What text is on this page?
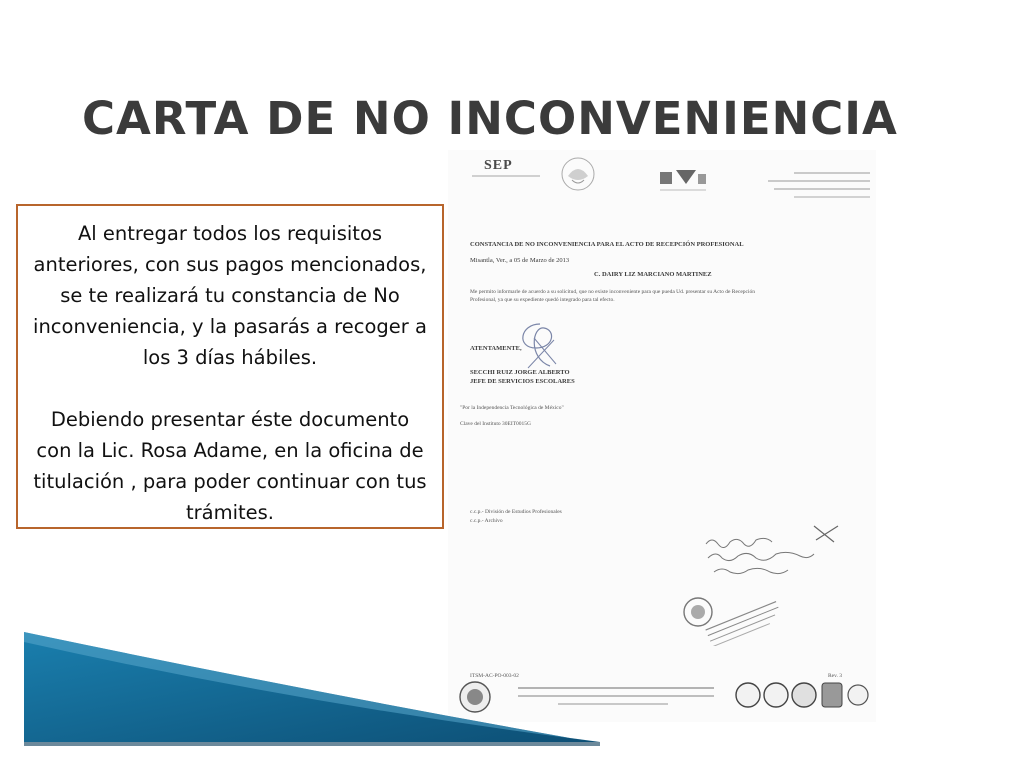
CARTA DE NO INCONVENIENCIA
SEP
CONSTANCIA DE NO INCONVENIENCIA PARA EL ACTO DE RECEPCIÓN PROFESIONAL
Misantla, Ver., a 05 de Marzo de 2013
C. DAIRY LIZ MARCIANO MARTINEZ
Me permito informarle de acuerdo a su solicitud, que no existe inconveniente para que pueda Ud. presentar su Acto de Recepción
Profesional, ya que su expediente quedó integrado para tal efecto.
ATENTAMENTE,
SECCHI RUIZ JORGE ALBERTO
JEFE DE SERVICIOS ESCOLARES
"Por la Independencia Tecnológica de México"
Clave del Instituto 30EIT0015G
c.c.p.- División de Estudios Profesionales
c.c.p.- Archivo
ITSM-AC-PO-003-02	Rev. 3

Al entregar todos los requisitos anteriores, con sus pagos mencionados, se te realizará tu constancia de No inconveniencia, y la pasarás a recoger a los 3 días hábiles.

Debiendo presentar éste documento con la Lic. Rosa Adame, en la oficina de titulación , para poder continuar con tus trámites.
